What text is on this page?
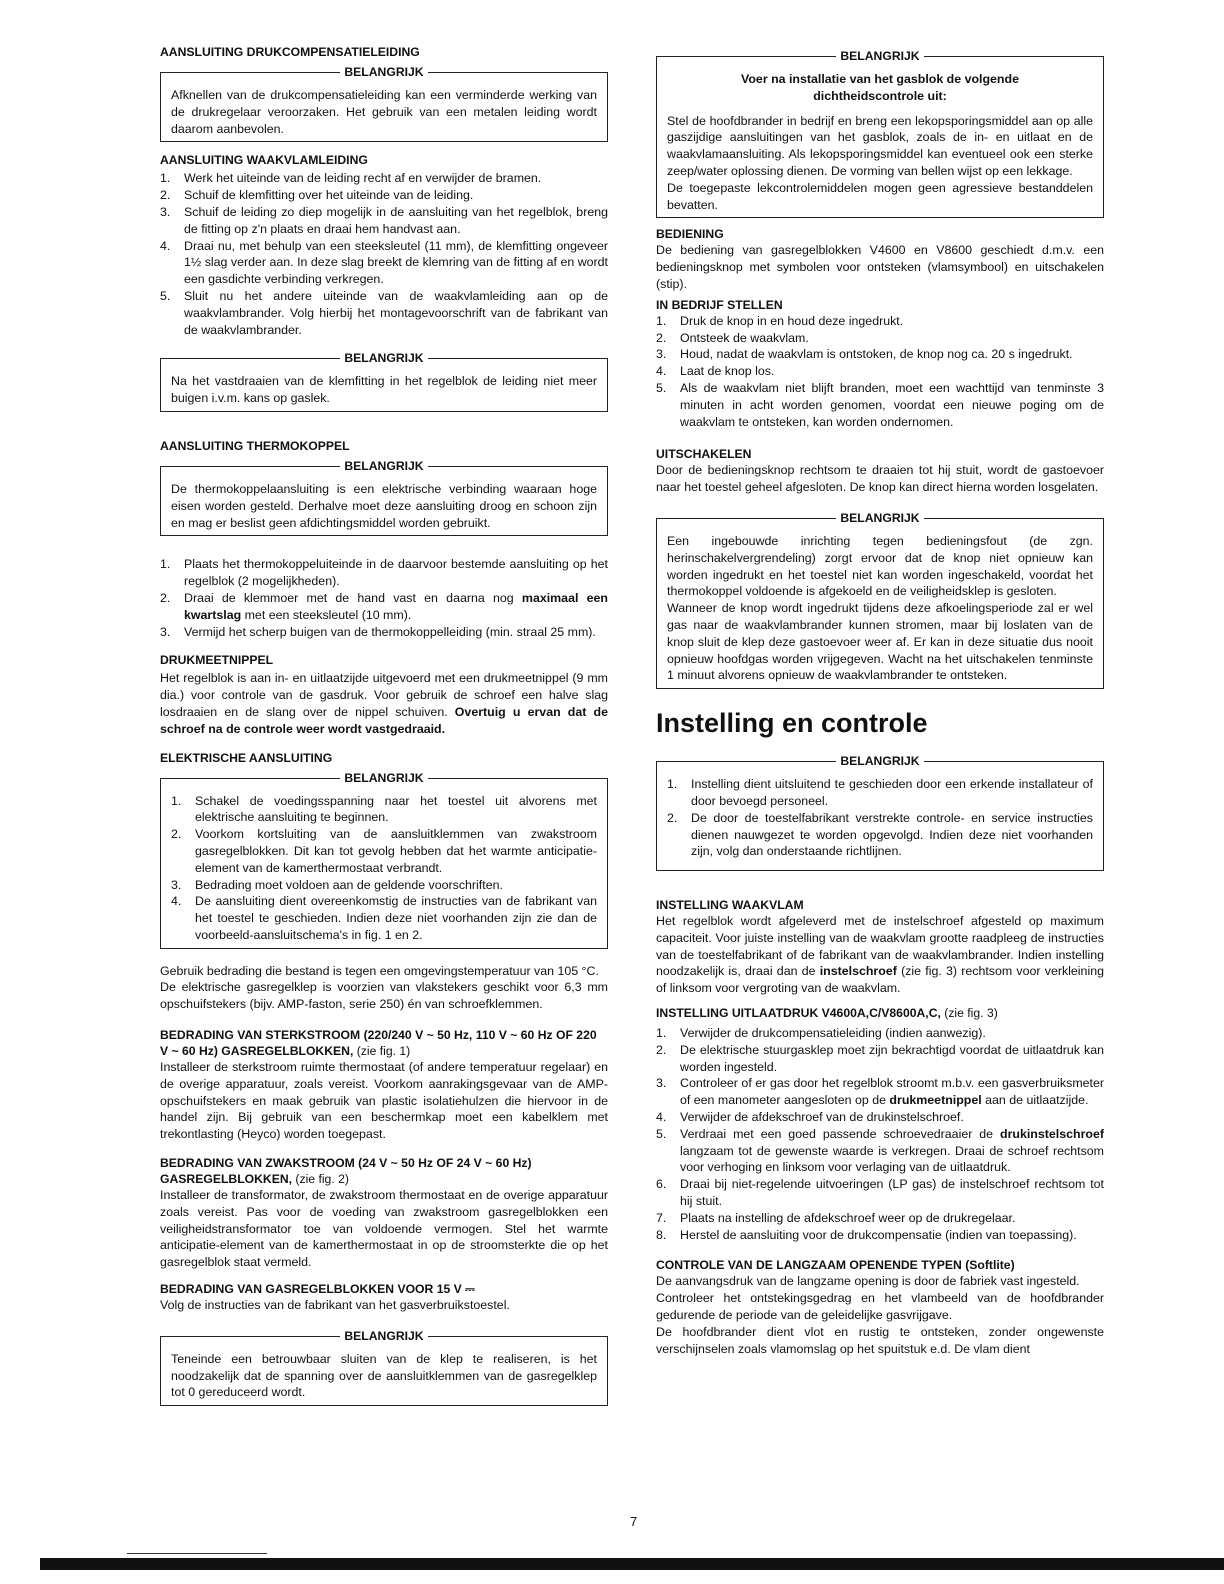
AANSLUITING DRUKCOMPENSATIELEIDING
BELANGRIJK

Afknellen van de drukcompensatieleiding kan een verminderde werking van de drukregelaar veroorzaken. Het gebruik van een metalen leiding wordt daarom aanbevolen.

AANSLUITING WAAKVLAMLEIDING
1.	Werk het uiteinde van de leiding recht af en verwijder de bramen.
2.	Schuif de klemfitting over het uiteinde van de leiding.
3.	Schuif de leiding zo diep mogelijk in de aansluiting van het regelblok, breng de fitting op z'n plaats en draai hem handvast aan.
4.	Draai nu, met behulp van een steeksleutel (11 mm), de klemfitting ongeveer 1½ slag verder aan. In deze slag breekt de klemring van de fitting af en wordt een gasdichte verbinding verkregen.
5.	Sluit nu het andere uiteinde van de waakvlamleiding aan op de waakvlambrander. Volg hierbij het montagevoorschrift van de fabrikant van de waakvlambrander.
BELANGRIJK

Na het vastdraaien van de klemfitting in het regelblok de leiding niet meer buigen i.v.m. kans op gaslek.

AANSLUITING THERMOKOPPEL
BELANGRIJK

De thermokoppelaansluiting is een elektrische verbinding waaraan hoge eisen worden gesteld. Derhalve moet deze aansluiting droog en schoon zijn en mag er beslist geen afdichtingsmiddel worden gebruikt.

1.	Plaats het thermokoppeluiteinde in de daarvoor bestemde aansluiting op het regelblok (2 mogelijkheden).
2.	Draai de klemmoer met de hand vast en daarna nog maximaal een kwartslag met een steeksleutel (10 mm).
3.	Vermijd het scherp buigen van de thermokoppelleiding (min. straal 25 mm).
DRUKMEETNIPPEL

Het regelblok is aan in- en uitlaatzijde uitgevoerd met een drukmeetnippel (9 mm dia.) voor controle van de gasdruk. Voor gebruik de schroef een halve slag losdraaien en de slang over de nippel schuiven. Overtuig u ervan dat de schroef na de controle weer wordt vastgedraaid.

ELEKTRISCHE AANSLUITING
BELANGRIJK
1.	Schakel de voedingsspanning naar het toestel uit alvorens met elektrische aansluiting te beginnen.
2.	Voorkom kortsluiting van de aansluitklemmen van zwakstroom gasregelblokken. Dit kan tot gevolg hebben dat het warmte anticipatie-element van de kamerthermostaat verbrandt.
3.	Bedrading moet voldoen aan de geldende voorschriften.
4.	De aansluiting dient overeenkomstig de instructies van de fabrikant van het toestel te geschieden. Indien deze niet voorhanden zijn zie dan de voorbeeld-aansluitschema's in fig. 1 en 2.

Gebruik bedrading die bestand is tegen een omgevingstemperatuur van 105 °C.

De elektrische gasregelklep is voorzien van vlakstekers geschikt voor 6,3 mm opschuifstekers (bijv. AMP-faston, serie 250) én van schroefklemmen.

BEDRADING VAN STERKSTROOM (220/240 V ~ 50 Hz, 110 V ~ 60 Hz OF 220 V ~ 60 Hz) GASREGELBLOKKEN, (zie fig. 1)

Installeer de sterkstroom ruimte thermostaat (of andere temperatuur regelaar) en de overige apparatuur, zoals vereist. Voorkom aanrakingsgevaar van de AMP-opschuifstekers en maak gebruik van plastic isolatiehulzen die hiervoor in de handel zijn. Bij gebruik van een beschermkap moet een kabelklem met trekontlasting (Heyco) worden toegepast.

BEDRADING VAN ZWAKSTROOM (24 V ~ 50 Hz OF 24 V ~ 60 Hz) GASREGELBLOKKEN, (zie fig. 2)

Installeer de transformator, de zwakstroom thermostaat en de overige apparatuur zoals vereist. Pas voor de voeding van zwakstroom gasregelblokken een veiligheidstransformator toe van voldoende vermogen. Stel het warmte anticipatie-element van de kamerthermostaat in op de stroomsterkte die op het gasregelblok staat vermeld.

BEDRADING VAN GASREGELBLOKKEN VOOR 15 V ⎓

Volg de instructies van de fabrikant van het gasverbruikstoestel.

BELANGRIJK

Teneinde een betrouwbaar sluiten van de klep te realiseren, is het noodzakelijk dat de spanning over de aansluitklemmen van de gasregelklep tot 0 gereduceerd wordt.

BELANGRIJK

Voer na installatie van het gasblok de volgende

dichtheidscontrole uit:

Stel de hoofdbrander in bedrijf en breng een lekopsporingsmiddel aan op alle gaszijdige aansluitingen van het gasblok, zoals de in- en uitlaat en de waakvlamaansluiting. Als lekopsporingsmiddel kan eventueel ook een sterke zeep/water oplossing dienen. De vorming van bellen wijst op een lekkage.

De toegepaste lekcontrolemiddelen mogen geen agressieve bestanddelen bevatten.

BEDIENING

De bediening van gasregelblokken V4600 en V8600 geschiedt d.m.v. een bedieningsknop met symbolen voor ontsteken (vlamsymbool) en uitschakelen (stip).

IN BEDRIJF STELLEN
1.	Druk de knop in en houd deze ingedrukt.
2.	Ontsteek de waakvlam.
3.	Houd, nadat de waakvlam is ontstoken, de knop nog ca. 20 s ingedrukt.
4.	Laat de knop los.
5.	Als de waakvlam niet blijft branden, moet een wachttijd van tenminste 3 minuten in acht worden genomen, voordat een nieuwe poging om de waakvlam te ontsteken, kan worden ondernomen.
UITSCHAKELEN

Door de bedieningsknop rechtsom te draaien tot hij stuit, wordt de gastoevoer naar het toestel geheel afgesloten. De knop kan direct hierna worden losgelaten.

BELANGRIJK

Een ingebouwde inrichting tegen bedieningsfout (de zgn. herinschakelvergrendeling) zorgt ervoor dat de knop niet opnieuw kan worden ingedrukt en het toestel niet kan worden ingeschakeld, voordat het thermokoppel voldoende is afgekoeld en de veiligheidsklep is gesloten.

Wanneer de knop wordt ingedrukt tijdens deze afkoelingsperiode zal er wel gas naar de waakvlambrander kunnen stromen, maar bij loslaten van de knop sluit de klep deze gastoevoer weer af. Er kan in deze situatie dus nooit opnieuw hoofdgas worden vrijgegeven. Wacht na het uitschakelen tenminste 1 minuut alvorens opnieuw de waakvlambrander te ontsteken.

Instelling en controle
BELANGRIJK
1.	Instelling dient uitsluitend te geschieden door een erkende installateur of door bevoegd personeel.
2.	De door de toestelfabrikant verstrekte controle- en service instructies dienen nauwgezet te worden opgevolgd. Indien deze niet voorhanden zijn, volg dan onderstaande richtlijnen.
INSTELLING WAAKVLAM

Het regelblok wordt afgeleverd met de instelschroef afgesteld op maximum capaciteit. Voor juiste instelling van de waakvlam grootte raadpleeg de instructies van de toestelfabrikant of de fabrikant van de waakvlambrander. Indien instelling noodzakelijk is, draai dan de instelschroef (zie fig. 3) rechtsom voor verkleining of linksom voor vergroting van de waakvlam.

INSTELLING UITLAATDRUK V4600A,C/V8600A,C, (zie fig. 3)
1.	Verwijder de drukcompensatieleiding (indien aanwezig).
2.	De elektrische stuurgasklep moet zijn bekrachtigd voordat de uitlaatdruk kan worden ingesteld.
3.	Controleer of er gas door het regelblok stroomt m.b.v. een gasverbruiksmeter of een manometer aangesloten op de drukmeetnippel aan de uitlaatzijde.
4.	Verwijder de afdekschroef van de drukinstelschroef.
5.	Verdraai met een goed passende schroevedraaier de drukinstelschroef langzaam tot de gewenste waarde is verkregen. Draai de schroef rechtsom voor verhoging en linksom voor verlaging van de uitlaatdruk.
6.	Draai bij niet-regelende uitvoeringen (LP gas) de instelschroef rechtsom tot hij stuit.
7.	Plaats na instelling de afdekschroef weer op de drukregelaar.
8.	Herstel de aansluiting voor de drukcompensatie (indien van toepassing).
CONTROLE VAN DE LANGZAAM OPENENDE TYPEN (Softlite)

De aanvangsdruk van de langzame opening is door de fabriek vast ingesteld.

Controleer het ontstekingsgedrag en het vlambeeld van de hoofdbrander gedurende de periode van de geleidelijke gasvrijgave.

De hoofdbrander dient vlot en rustig te ontsteken, zonder ongewenste verschijnselen zoals vlamomslag op het spuitstuk e.d. De vlam dient

7
